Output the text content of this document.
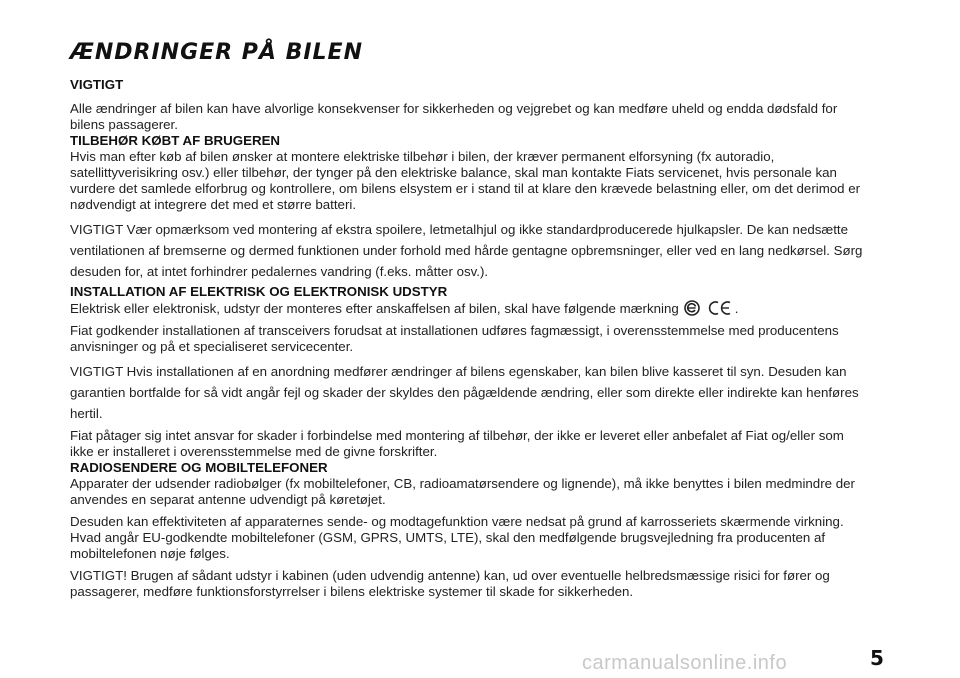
ÆNDRINGER PÅ BILEN

VIGTIGT

Alle ændringer af bilen kan have alvorlige konsekvenser for sikkerheden og vejgrebet og kan medføre uheld og endda dødsfald for bilens passagerer.

TILBEHØR KØBT AF BRUGEREN

Hvis man efter køb af bilen ønsker at montere elektriske tilbehør i bilen, der kræver permanent elforsyning (fx autoradio, satellittyverisikring osv.) eller tilbehør, der tynger på den elektriske balance, skal man kontakte Fiats servicenet, hvis personale kan vurdere det samlede elforbrug og kontrollere, om bilens elsystem er i stand til at klare den krævede belastning eller, om det derimod er nødvendigt at integrere det med et større batteri.

VIGTIGT Vær opmærksom ved montering af ekstra spoilere, letmetalhjul og ikke standardproducerede hjulkapsler. De kan nedsætte ventilationen af bremserne og dermed funktionen under forhold med hårde gentagne opbremsninger, eller ved en lang nedkørsel. Sørg desuden for, at intet forhindrer pedalernes vandring (f.eks. måtter osv.).

INSTALLATION AF ELEKTRISK OG ELEKTRONISK UDSTYR

Elektrisk eller elektronisk, udstyr der monteres efter anskaffelsen af bilen, skal have følgende mærkning	.

Fiat godkender installationen af transceivers forudsat at installationen udføres fagmæssigt, i overensstemmelse med producentens anvisninger og på et specialiseret servicecenter.

VIGTIGT Hvis installationen af en anordning medfører ændringer af bilens egenskaber, kan bilen blive kasseret til syn. Desuden kan garantien bortfalde for så vidt angår fejl og skader der skyldes den pågældende ændring, eller som direkte eller indirekte kan henføres hertil.

Fiat påtager sig intet ansvar for skader i forbindelse med montering af tilbehør, der ikke er leveret eller anbefalet af Fiat og/eller som ikke er installeret i overensstemmelse med de givne forskrifter.

RADIOSENDERE OG MOBILTELEFONER

Apparater der udsender radiobølger (fx mobiltelefoner, CB, radioamatørsendere og lignende), må ikke benyttes i bilen medmindre der anvendes en separat antenne udvendigt på køretøjet.

Desuden kan effektiviteten af apparaternes sende- og modtagefunktion være nedsat på grund af karrosseriets skærmende virkning. Hvad angår EU-godkendte mobiltelefoner (GSM, GPRS, UMTS, LTE), skal den medfølgende brugsvejledning fra producenten af mobiltelefonen nøje følges.

VIGTIGT! Brugen af sådant udstyr i kabinen (uden udvendig antenne) kan, ud over eventuelle helbredsmæssige risici for fører og passagerer, medføre funktionsforstyrrelser i bilens elektriske systemer til skade for sikkerheden.

carmanualsonline.info	5
